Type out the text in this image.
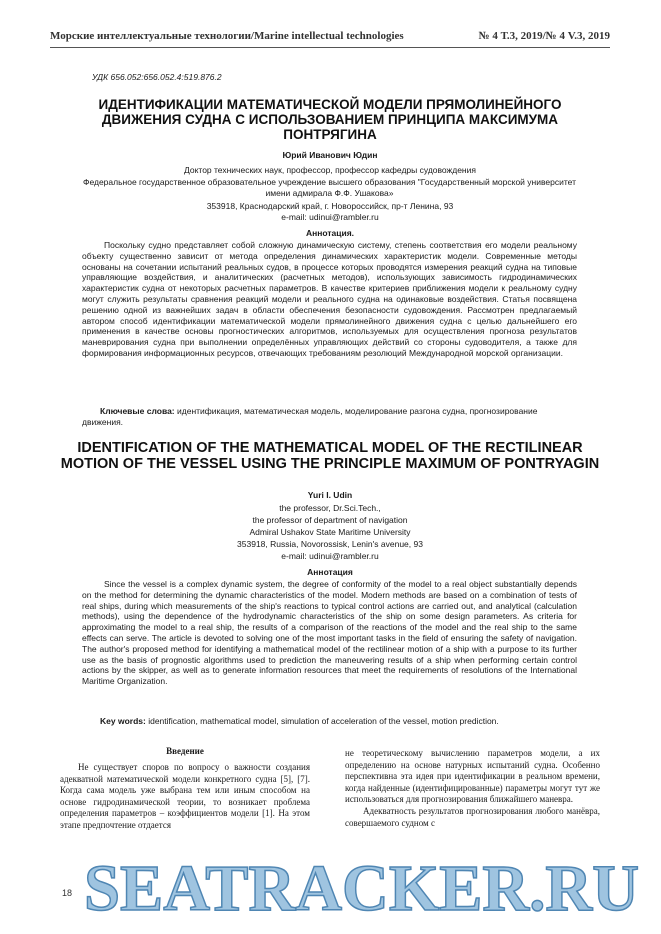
Морские интеллектуальные технологии/Marine intellectual technologies	№ 4 Т.3, 2019/№ 4 V.3, 2019
УДК 656.052:656.052.4:519.876.2
ИДЕНТИФИКАЦИИ МАТЕМАТИЧЕСКОЙ МОДЕЛИ ПРЯМОЛИНЕЙНОГО ДВИЖЕНИЯ СУДНА С ИСПОЛЬЗОВАНИЕМ ПРИНЦИПА МАКСИМУМА ПОНТРЯГИНА
Юрий Иванович Юдин
Доктор технических наук, профессор, профессор кафедры судовождения
Федеральное государственное образовательное учреждение высшего образования "Государственный морской университет имени адмирала Ф.Ф. Ушакова»
353918, Краснодарский край, г. Новороссийск, пр-т Ленина, 93
e-mail: udinui@rambler.ru
Аннотация.
Поскольку судно представляет собой сложную динамическую систему, степень соответствия его модели реальному объекту существенно зависит от метода определения динамических характеристик модели. Современные методы основаны на сочетании испытаний реальных судов, в процессе которых проводятся измерения реакций судна на типовые управляющие воздействия, и аналитических (расчетных методов), использующих зависимость гидродинамических характеристик судна от некоторых расчетных параметров. В качестве критериев приближения модели к реальному судну могут служить результаты сравнения реакций модели и реального судна на одинаковые воздействия. Статья посвящена решению одной из важнейших задач в области обеспечения безопасности судовождения. Рассмотрен предлагаемый автором способ идентификации математической модели прямолинейного движения судна с целью дальнейшего его применения в качестве основы прогностических алгоритмов, используемых для осуществления прогноза результатов маневрирования судна при выполнении определённых управляющих действий со стороны судоводителя, а также для формирования информационных ресурсов, отвечающих требованиям резолюций Международной морской организации.
Ключевые слова: идентификация, математическая модель, моделирование разгона судна, прогнозирование движения.
IDENTIFICATION OF THE MATHEMATICAL MODEL OF THE RECTILINEAR MOTION OF THE VESSEL USING THE PRINCIPLE MAXIMUM OF PONTRYAGIN
Yuri I. Udin
the professor, Dr.Sci.Tech.,
the professor of department of navigation
Admiral Ushakov State Maritime University
353918, Russia, Novorossisk, Lenin's avenue, 93
e-mail: udinui@rambler.ru
Аннотация
Since the vessel is a complex dynamic system, the degree of conformity of the model to a real object substantially depends on the method for determining the dynamic characteristics of the model. Modern methods are based on a combination of tests of real ships, during which measurements of the ship's reactions to typical control actions are carried out, and analytical (calculation methods), using the dependence of the hydrodynamic characteristics of the ship on some design parameters. As criteria for approximating the model to a real ship, the results of a comparison of the reactions of the model and the real ship to the same effects can serve. The article is devoted to solving one of the most important tasks in the field of ensuring the safety of navigation. The author's proposed method for identifying a mathematical model of the rectilinear motion of a ship with a purpose to its further use as the basis of prognostic algorithms used to prediction the maneuvering results of a ship when performing certain control actions by the skipper, as well as to generate information resources that meet the requirements of resolutions of the International Maritime Organization.
Key words: identification, mathematical model, simulation of acceleration of the vessel, motion prediction.
Введение
Не существует споров по вопросу о важности создания адекватной математической модели конкретного судна [5], [7]. Когда сама модель уже выбрана тем или иным способом на основе гидродинамической теории, то возникает проблема определения параметров – коэффициентов модели [1]. На этом этапе предпочтение отдается
не теоретическому вычислению параметров модели, а их определению на основе натурных испытаний судна. Особенно перспективна эта идея при идентификации в реальном времени, когда найденные (идентифицированные) параметры могут тут же использоваться для прогнозирования ближайшего маневра.
Адекватность результатов прогнозирования любого манёвра, совершаемого судном с
SEATRACKER.RU
18
